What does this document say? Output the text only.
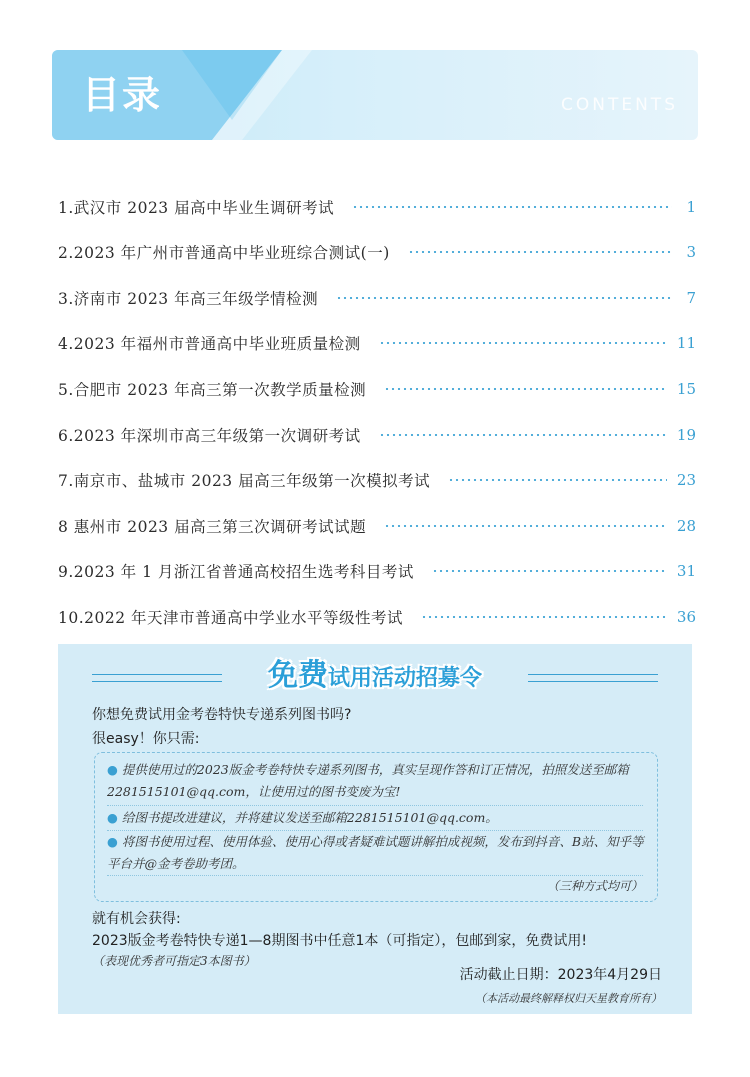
目录	CONTENTS
1.武汉市 2023 届高中毕业生调研考试	1
2.2023 年广州市普通高中毕业班综合测试(一)	3
3.济南市 2023 年高三年级学情检测	7
4.2023 年福州市普通高中毕业班质量检测	11
5.合肥市 2023 年高三第一次教学质量检测	15
6.2023 年深圳市高三年级第一次调研考试	19
7.南京市、盐城市 2023 届高三年级第一次模拟考试	23
8 惠州市 2023 届高三第三次调研考试试题	28
9.2023 年 1 月浙江省普通高校招生选考科目考试	31
10.2022 年天津市普通高中学业水平等级性考试	36
免费试用活动招募令
你想免费试用金考卷特快专递系列图书吗?
很easy！你只需:
● 提供使用过的2023版金考卷特快专递系列图书，真实呈现作答和订正情况，拍照发送至邮箱2281515101@qq.com，让使用过的图书变废为宝!
● 给图书提改进建议，并将建议发送至邮箱2281515101@qq.com。
● 将图书使用过程、使用体验、使用心得或者疑难试题讲解拍成视频，发布到抖音、B站、知乎等平台并@金考卷助考团。
（三种方式均可）
就有机会获得:
2023版金考卷特快专递1—8期图书中任意1本（可指定），包邮到家，免费试用!
（表现优秀者可指定3本图书）
活动截止日期：2023年4月29日
（本活动最终解释权归天星教育所有）
